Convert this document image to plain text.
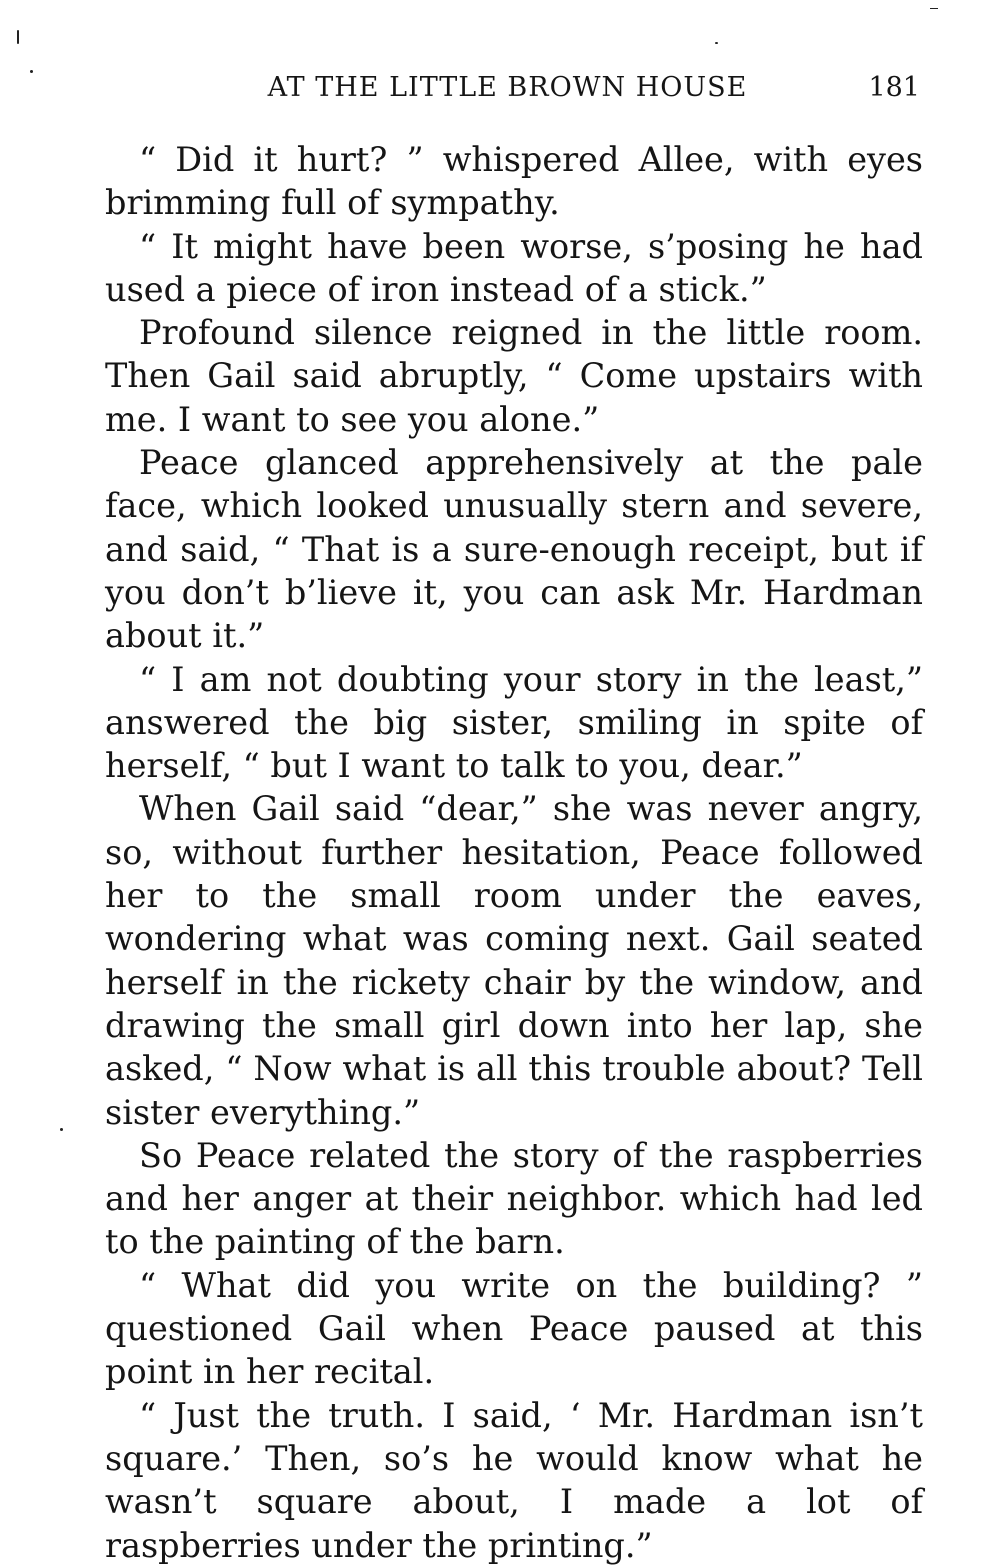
AT THE LITTLE BROWN HOUSE	181

“ Did it hurt? ” whispered Allee, with eyes brimming full of sympathy.

“ It might have been worse, s’posing he had used a piece of iron instead of a stick.”

Profound silence reigned in the little room. Then Gail said abruptly, “ Come upstairs with me. I want to see you alone.”

Peace glanced apprehensively at the pale face, which looked unusually stern and severe, and said, “ That is a sure-enough receipt, but if you don’t b’lieve it, you can ask Mr. Hardman about it.”

“ I am not doubting your story in the least,” answered the big sister, smiling in spite of herself, “ but I want to talk to you, dear.”

When Gail said “dear,” she was never angry, so, without further hesitation, Peace followed her to the small room under the eaves, wondering what was coming next. Gail seated herself in the rickety chair by the window, and drawing the small girl down into her lap, she asked, “ Now what is all this trouble about? Tell sister everything.”

So Peace related the story of the raspberries and her anger at their neighbor. which had led to the painting of the barn.

“ What did you write on the building? ” questioned Gail when Peace paused at this point in her recital.

“ Just the truth. I said, ‘ Mr. Hardman isn’t square.’ Then, so’s he would know what he wasn’t square about, I made a lot of raspberries under the printing.”
